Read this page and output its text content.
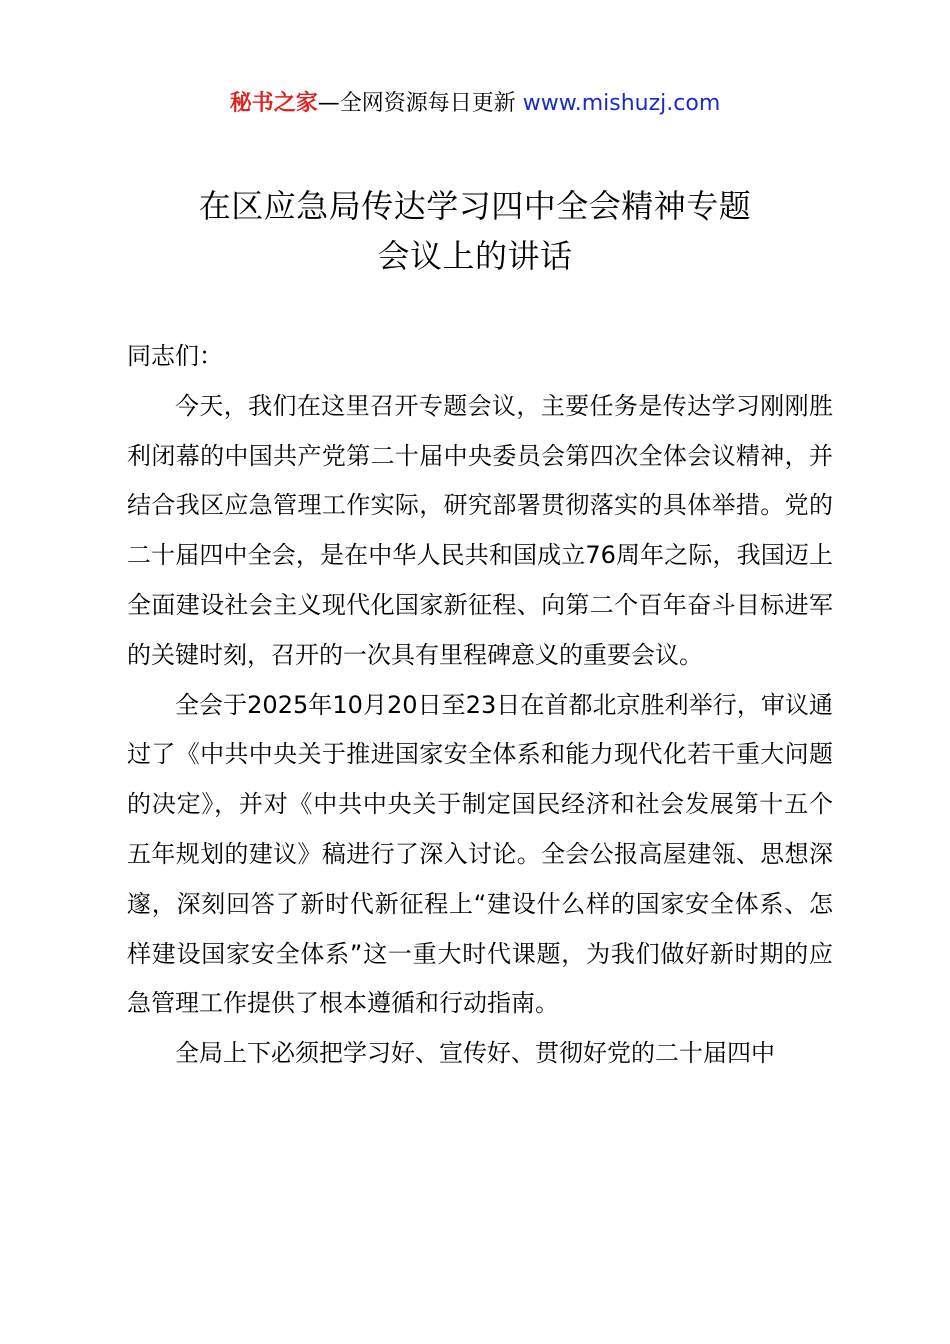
秘书之家—全网资源每日更新 www.mishuzj.com
在区应急局传达学习四中全会精神专题
会议上的讲话

同志们：

今天，我们在这里召开专题会议，主要任务是传达学习刚刚胜利闭幕的中国共产党第二十届中央委员会第四次全体会议精神，并结合我区应急管理工作实际，研究部署贯彻落实的具体举措。党的二十届四中全会，是在中华人民共和国成立76周年之际，我国迈上全面建设社会主义现代化国家新征程、向第二个百年奋斗目标进军的关键时刻，召开的一次具有里程碑意义的重要会议。

全会于2025年10月20日至23日在首都北京胜利举行，审议通过了《中共中央关于推进国家安全体系和能力现代化若干重大问题的决定》，并对《中共中央关于制定国民经济和社会发展第十五个五年规划的建议》稿进行了深入讨论。全会公报高屋建瓴、思想深邃，深刻回答了新时代新征程上“建设什么样的国家安全体系、怎样建设国家安全体系”这一重大时代课题，为我们做好新时期的应急管理工作提供了根本遵循和行动指南。

全局上下必须把学习好、宣传好、贯彻好党的二十届四中
